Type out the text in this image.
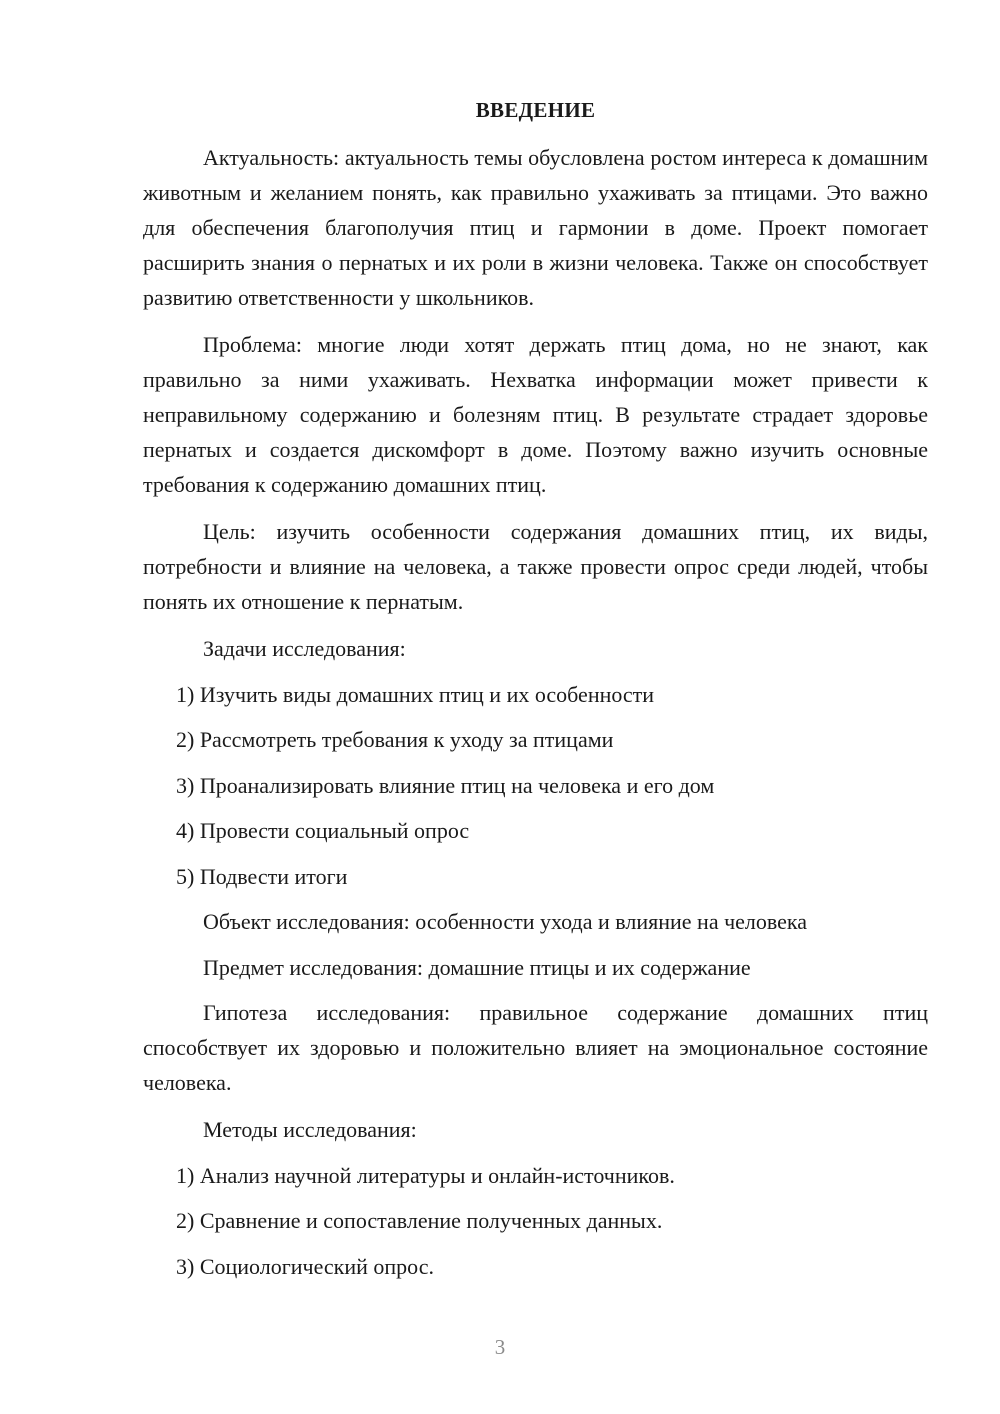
ВВЕДЕНИЕ

Актуальность: актуальность темы обусловлена ростом интереса к домашним животным и желанием понять, как правильно ухаживать за птицами. Это важно для обеспечения благополучия птиц и гармонии в доме. Проект помогает расширить знания о пернатых и их роли в жизни человека. Также он способствует развитию ответственности у школьников.

Проблема: многие люди хотят держать птиц дома, но не знают, как правильно за ними ухаживать. Нехватка информации может привести к неправильному содержанию и болезням птиц. В результате страдает здоровье пернатых и создается дискомфорт в доме. Поэтому важно изучить основные требования к содержанию домашних птиц.

Цель: изучить особенности содержания домашних птиц, их виды, потребности и влияние на человека, а также провести опрос среди людей, чтобы понять их отношение к пернатым.

Задачи исследования:
1) Изучить виды домашних птиц и их особенности
2) Рассмотреть требования к уходу за птицами
3) Проанализировать влияние птиц на человека и его дом
4) Провести социальный опрос
5) Подвести итоги
Объект исследования: особенности ухода и влияние на человека
Предмет исследования: домашние птицы и их содержание

Гипотеза исследования: правильное содержание домашних птиц способствует их здоровью и положительно влияет на эмоциональное состояние человека.

Методы исследования:
1) Анализ научной литературы и онлайн-источников.
2) Сравнение и сопоставление полученных данных.
3) Социологический опрос.
3
